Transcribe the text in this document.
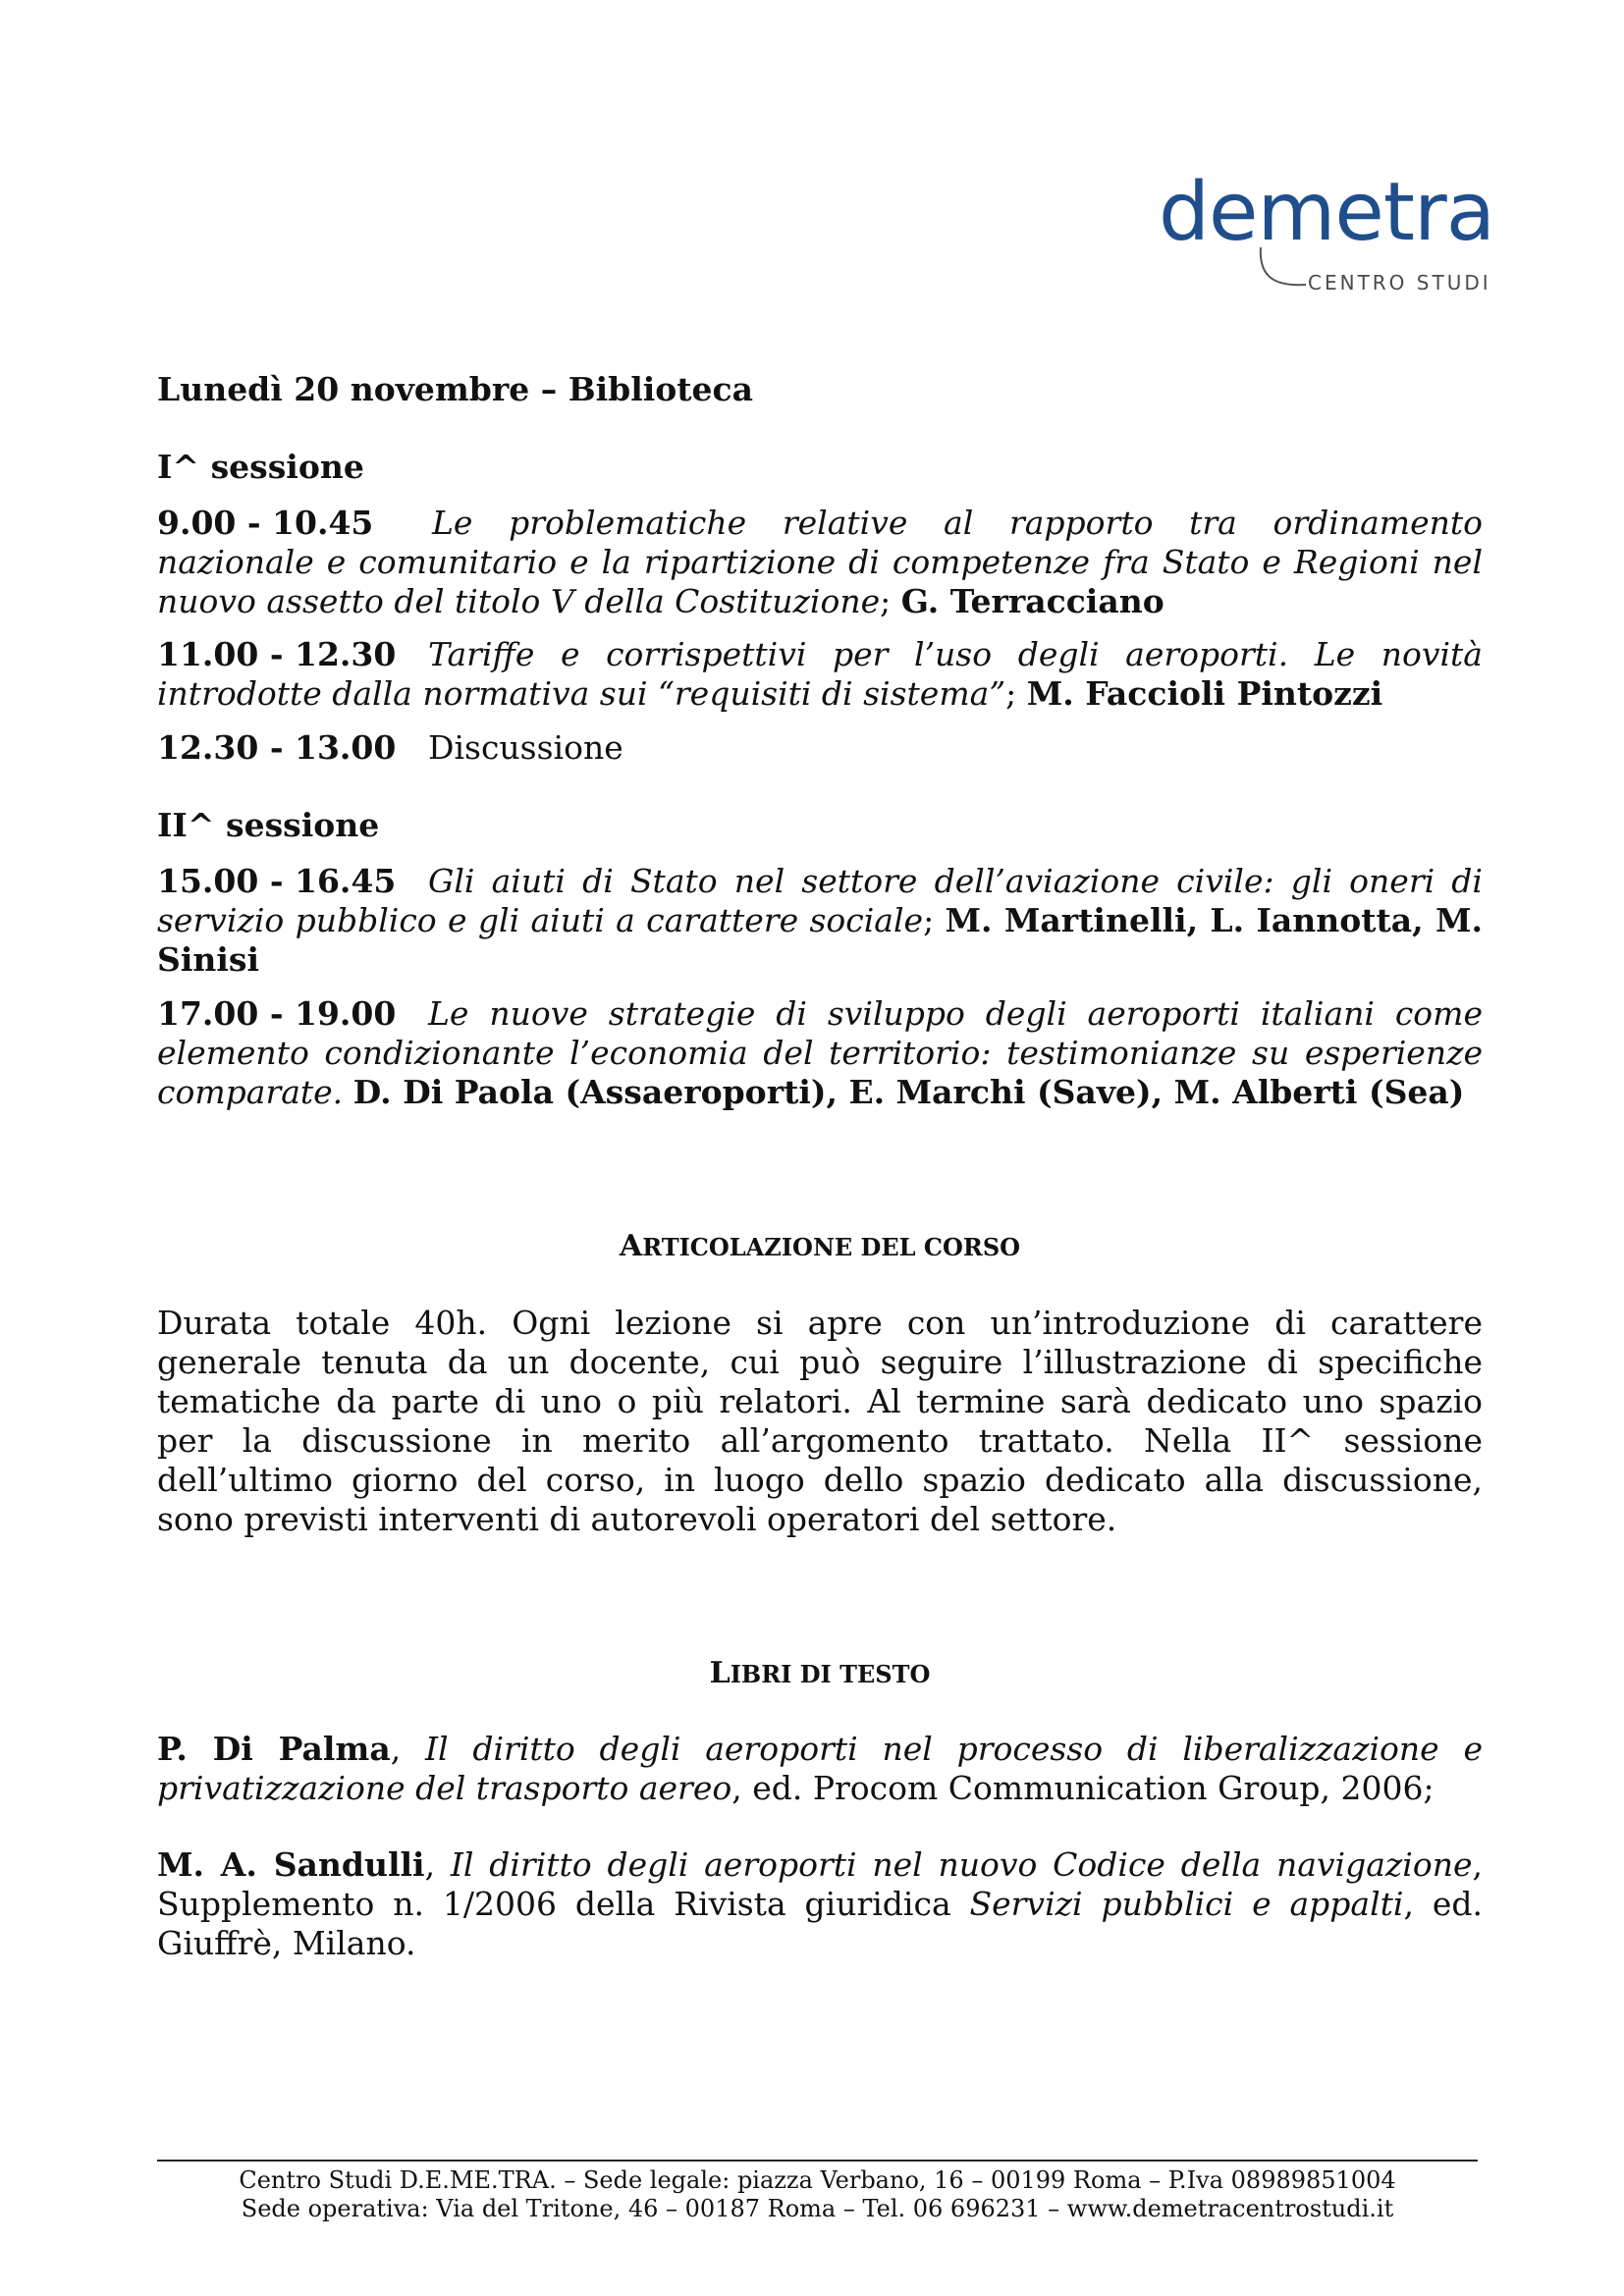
demetra
CENTRO STUDI
Lunedì 20 novembre – Biblioteca
I^ sessione
9.00 - 10.45 Le problematiche relative al rapporto tra ordinamento nazionale e comunitario e la ripartizione di competenze fra Stato e Regioni nel nuovo assetto del titolo V della Costituzione; G. Terracciano
11.00 - 12.30 Tariffe e corrispettivi per l’uso degli aeroporti. Le novità introdotte dalla normativa sui “requisiti di sistema”; M. Faccioli Pintozzi
12.30 - 13.00 Discussione
II^ sessione
15.00 - 16.45 Gli aiuti di Stato nel settore dell’aviazione civile: gli oneri di servizio pubblico e gli aiuti a carattere sociale; M. Martinelli, L. Iannotta, M. Sinisi
17.00 - 19.00 Le nuove strategie di sviluppo degli aeroporti italiani come elemento condizionante l’economia del territorio: testimonianze su esperienze comparate. D. Di Paola (Assaeroporti), E. Marchi (Save), M. Alberti (Sea)
ARTICOLAZIONE DEL CORSO
Durata totale 40h. Ogni lezione si apre con un’introduzione di carattere generale tenuta da un docente, cui può seguire l’illustrazione di specifiche tematiche da parte di uno o più relatori. Al termine sarà dedicato uno spazio per la discussione in merito all’argomento trattato. Nella II^ sessione dell’ultimo giorno del corso, in luogo dello spazio dedicato alla discussione, sono previsti interventi di autorevoli operatori del settore.
LIBRI DI TESTO
P. Di Palma, Il diritto degli aeroporti nel processo di liberalizzazione e privatizzazione del trasporto aereo, ed. Procom Communication Group, 2006;
M. A. Sandulli, Il diritto degli aeroporti nel nuovo Codice della navigazione, Supplemento n. 1/2006 della Rivista giuridica Servizi pubblici e appalti, ed. Giuffrè, Milano.
Centro Studi D.E.ME.TRA. – Sede legale: piazza Verbano, 16 – 00199 Roma – P.Iva 08989851004
Sede operativa: Via del Tritone, 46 – 00187 Roma – Tel. 06 696231 – www.demetracentrostudi.it
